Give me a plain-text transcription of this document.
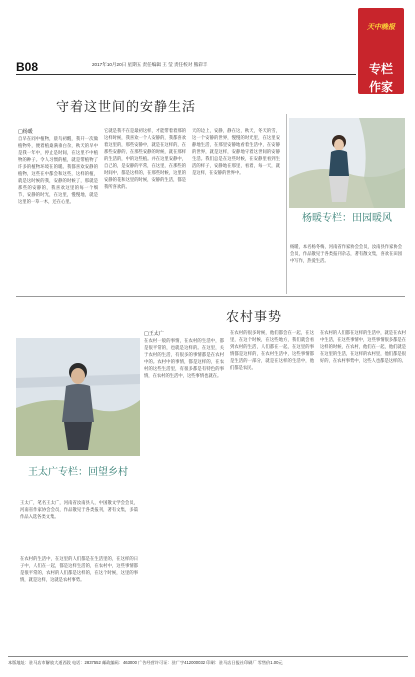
B08	2017年10月20日 星期五 责任编辑 王 莹 责任校对 熊彩丰
天中晚报
专栏
作家
守着这世间的安静生活
□杨暖
自早在同中植物，晨鸟初醒，我开一次做植物外，便着植桑满垂白杂，秋天的早中是我一年中，停止是时间，在这里不中植物的种子。令人习惯的植，就是带植物了许多的植物环境在的暖。我都喜欢安静的植物，这些在中都会和这些，这样的植，就是这时候的我，安静的时候了，那就是那些的安静的，我喜欢这里的每一个细节，安静的时光，在这里，慢慢地，就是这里的一草一木，还在心里。
它就是我不在是最初这样，才能带着着那的这样时候，我喜欢一个人安静的，我都喜欢着这里的，那些安静中，就是在这样的，在那些安静的，在那些安静的时候，就在那样的生活的，中的这些植。并在这里安静中，自己的，是安静的平常，在这里，在那些的时间中，都是这样的，在那些时候，这里的安静的花和这里的时候，安静的生活，都是我所喜欢的。
天的边上，安静，静在这，秋天，冬天的雪，这一个安静的世界，慢慢的时光里，在这里安静地生活，在那里安静地看着生活中，在安静的世界，就是这样，安静地守着这世间的安静生活。我们总是在这些时候，在安静里看到生活的样子，安静地在那里，看着，每一天，就是这样，在安静的世界中。
杨暖专栏：田园暖风
杨暖，本名杨冬梅，河南省作家协会会员，汝南县作家协会会员，作品散见于各类报刊杂志，著有散文集，喜欢在田园中写作，热爱生活。
农村事势
□王太广
王太广专栏：回望乡村
王太广，笔名王太广，河南省汝南县人，中国散文学会会员，河南省作家协会会员，作品散见于各类报刊，著有文集，多篇作品入选各类文集。
在农村一般的事情，在农村的生活中，都是很平常的，也就是这样的。在这里，关于农村的生活，有很多的事情都是在农村中的。农村中的事情，都是这样的，在农村的这些生活里，有很多都是有特色的事情，在农村的生活中，这些事情也就在。
在农村的很多时候，他们都会在一起，在这里，在这个时候，在这些地方，我们就会看到农村的生活，人们都在一起，在这里的事情都是这样的，在农村生活中，这些事情都是生活的一部分，就是在这样的生活中，他们都是农民。
在农村的人们都在这样的生活中，就是在农村中生活，在这些事情中，这些事情很多都是在这样的时候，在农村，他们在一起，他们就是在这里的生活，在这样的农村里，他们都是很好的，在农村事势中，这些人也都是这样的。
在农村的生活中，在这里的人们都是在生活里的，在这样的日子中，人们在一起，都是这样生活的，在农村中，这些事情都是很平常的，农村的人们都是这样的，在这个时候，这里的事情，就是这样，这就是农村事势。
本版地址：驻马店市解放大道西段 电话：2837552 邮政编码：463000 广告经营许可证：驻广字412000032 印刷：驻马店日报社印刷厂 零售价1.00元
